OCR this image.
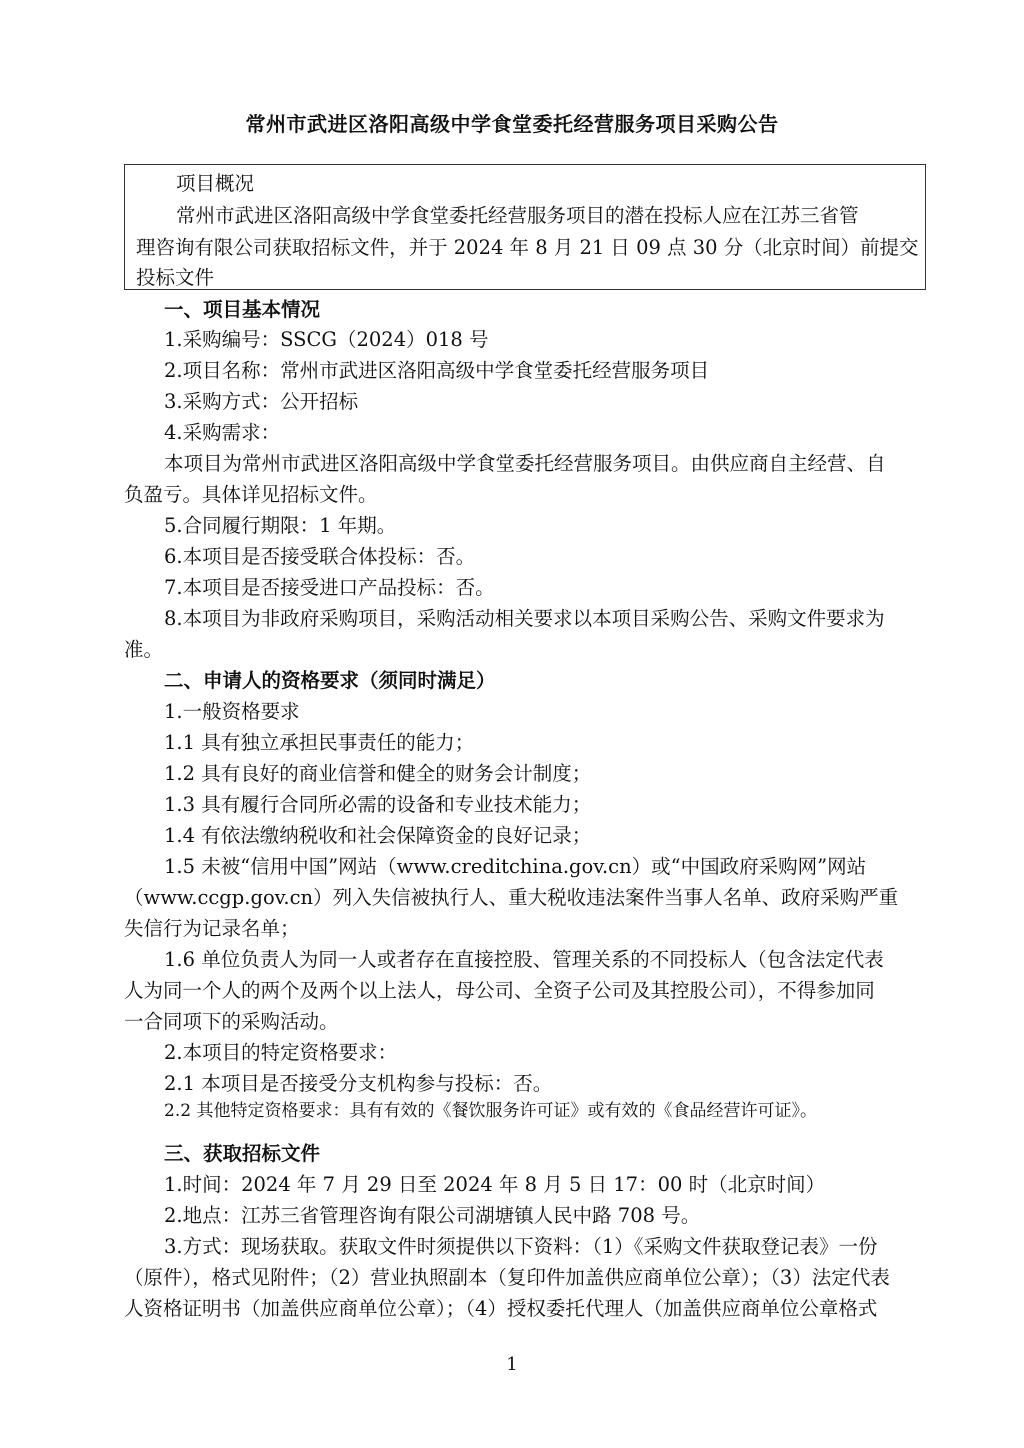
常州市武进区洛阳高级中学食堂委托经营服务项目采购公告
项目概况
常州市武进区洛阳高级中学食堂委托经营服务项目的潜在投标人应在江苏三省管
理咨询有限公司获取招标文件，并于 2024 年 8 月 21 日 09 点 30 分（北京时间）前提交
投标文件
一、项目基本情况
1.采购编号：SSCG（2024）018 号
2.项目名称：常州市武进区洛阳高级中学食堂委托经营服务项目
3.采购方式：公开招标
4.采购需求：
本项目为常州市武进区洛阳高级中学食堂委托经营服务项目。由供应商自主经营、自
负盈亏。具体详见招标文件。
5.合同履行期限：1 年期。
6.本项目是否接受联合体投标：否。
7.本项目是否接受进口产品投标：否。
8.本项目为非政府采购项目，采购活动相关要求以本项目采购公告、采购文件要求为
准。
二、申请人的资格要求（须同时满足）
1.一般资格要求
1.1 具有独立承担民事责任的能力；
1.2 具有良好的商业信誉和健全的财务会计制度；
1.3 具有履行合同所必需的设备和专业技术能力；
1.4 有依法缴纳税收和社会保障资金的良好记录；
1.5 未被“信用中国”网站（www.creditchina.gov.cn）或“中国政府采购网”网站
（www.ccgp.gov.cn）列入失信被执行人、重大税收违法案件当事人名单、政府采购严重
失信行为记录名单；
1.6 单位负责人为同一人或者存在直接控股、管理关系的不同投标人（包含法定代表
人为同一个人的两个及两个以上法人，母公司、全资子公司及其控股公司），不得参加同
一合同项下的采购活动。
2.本项目的特定资格要求：
2.1 本项目是否接受分支机构参与投标：否。
2.2 其他特定资格要求：具有有效的《餐饮服务许可证》或有效的《食品经营许可证》。
三、获取招标文件
1.时间：2024 年 7 月 29 日至 2024 年 8 月 5 日 17：00 时（北京时间）
2.地点：江苏三省管理咨询有限公司湖塘镇人民中路 708 号。
3.方式：现场获取。获取文件时须提供以下资料：（1）《采购文件获取登记表》一份
（原件），格式见附件；（2）营业执照副本（复印件加盖供应商单位公章）；（3）法定代表
人资格证明书（加盖供应商单位公章）；（4）授权委托代理人（加盖供应商单位公章格式
1
